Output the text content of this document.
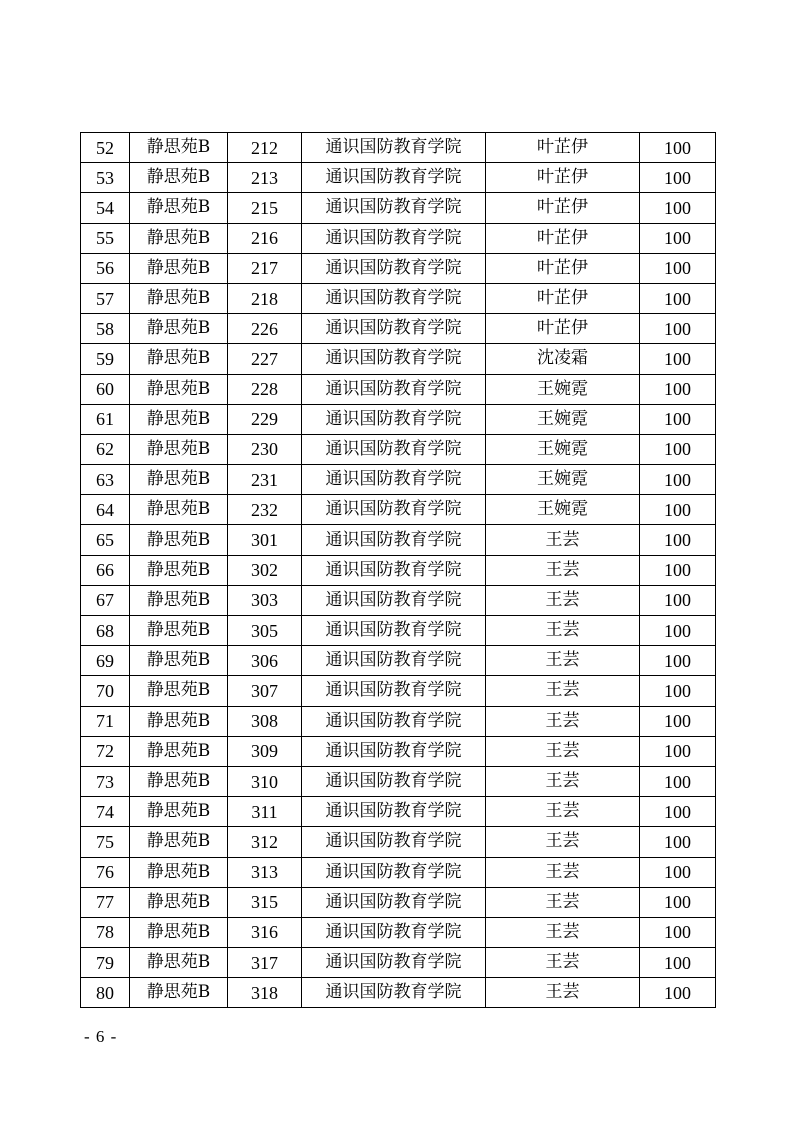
52	静思苑B	212	通识国防教育学院	叶芷伊	100
53	静思苑B	213	通识国防教育学院	叶芷伊	100
54	静思苑B	215	通识国防教育学院	叶芷伊	100
55	静思苑B	216	通识国防教育学院	叶芷伊	100
56	静思苑B	217	通识国防教育学院	叶芷伊	100
57	静思苑B	218	通识国防教育学院	叶芷伊	100
58	静思苑B	226	通识国防教育学院	叶芷伊	100
59	静思苑B	227	通识国防教育学院	沈凌霜	100
60	静思苑B	228	通识国防教育学院	王婉霓	100
61	静思苑B	229	通识国防教育学院	王婉霓	100
62	静思苑B	230	通识国防教育学院	王婉霓	100
63	静思苑B	231	通识国防教育学院	王婉霓	100
64	静思苑B	232	通识国防教育学院	王婉霓	100
65	静思苑B	301	通识国防教育学院	王芸	100
66	静思苑B	302	通识国防教育学院	王芸	100
67	静思苑B	303	通识国防教育学院	王芸	100
68	静思苑B	305	通识国防教育学院	王芸	100
69	静思苑B	306	通识国防教育学院	王芸	100
70	静思苑B	307	通识国防教育学院	王芸	100
71	静思苑B	308	通识国防教育学院	王芸	100
72	静思苑B	309	通识国防教育学院	王芸	100
73	静思苑B	310	通识国防教育学院	王芸	100
74	静思苑B	311	通识国防教育学院	王芸	100
75	静思苑B	312	通识国防教育学院	王芸	100
76	静思苑B	313	通识国防教育学院	王芸	100
77	静思苑B	315	通识国防教育学院	王芸	100
78	静思苑B	316	通识国防教育学院	王芸	100
79	静思苑B	317	通识国防教育学院	王芸	100
80	静思苑B	318	通识国防教育学院	王芸	100
- 6 -
